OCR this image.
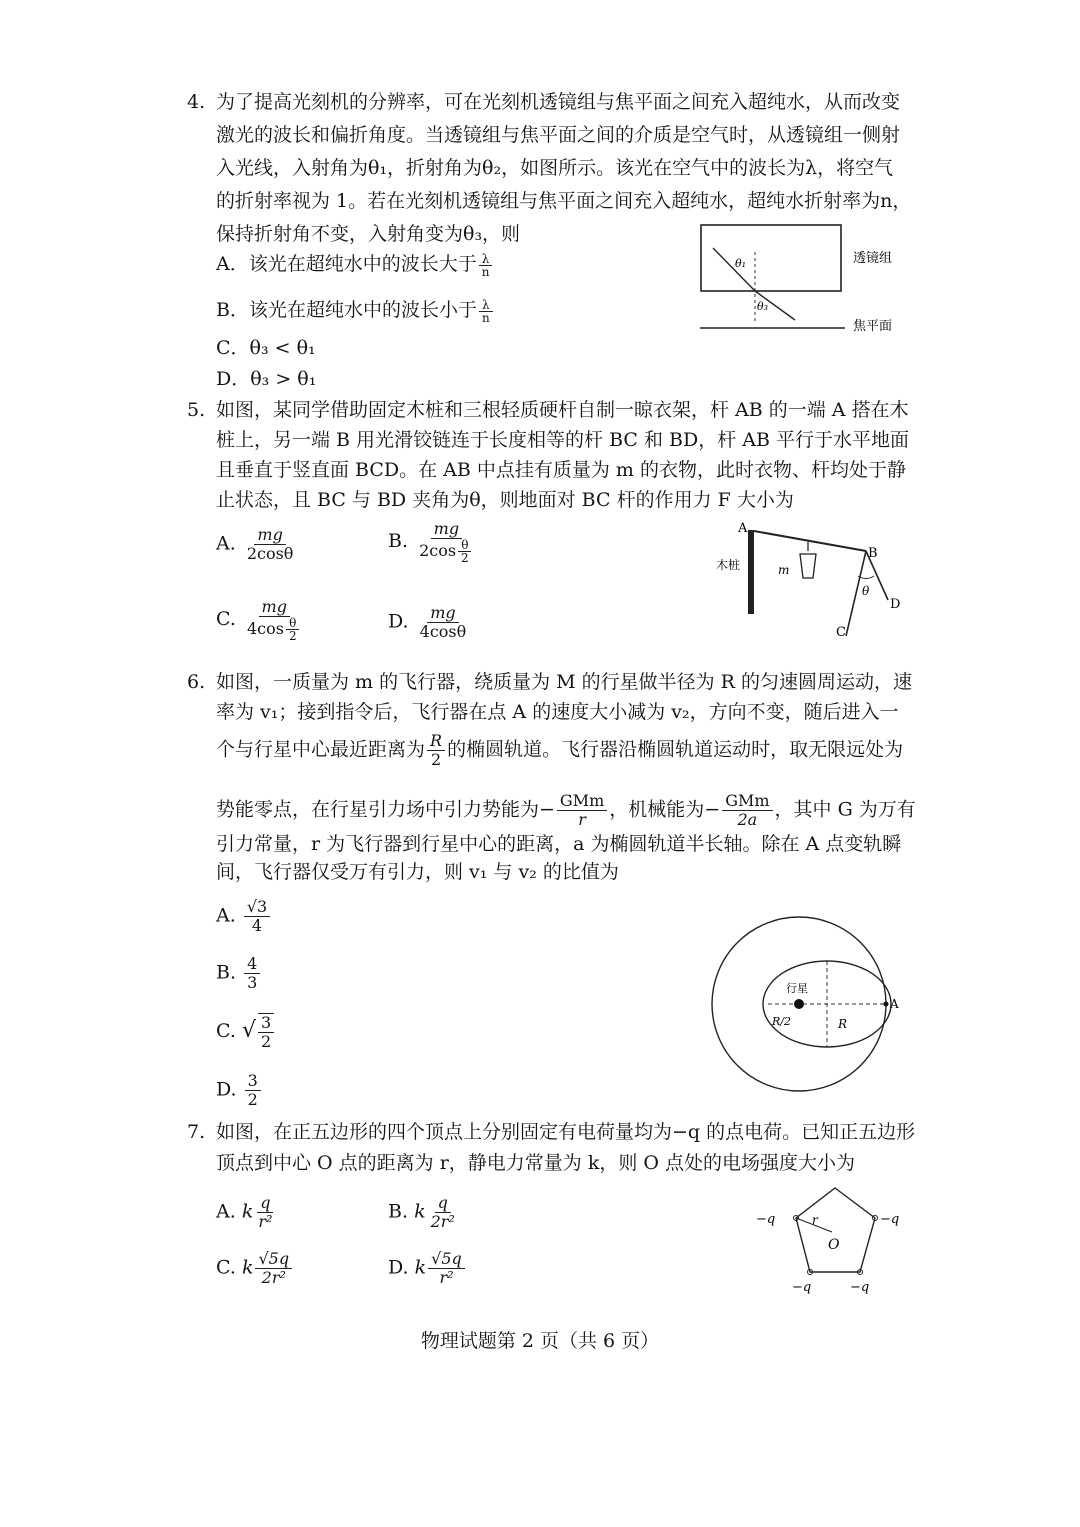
4. 为了提高光刻机的分辨率，可在光刻机透镜组与焦平面之间充入超纯水，从而改变
激光的波长和偏折角度。当透镜组与焦平面之间的介质是空气时，从透镜组一侧射
入光线，入射角为θ₁，折射角为θ₂，如图所示。该光在空气中的波长为λ，将空气
的折射率视为 1。若在光刻机透镜组与焦平面之间充入超纯水，超纯水折射率为n，
保持折射角不变，入射角变为θ₃，则
A．该光在超纯水中的波长大于 $\frac{\lambda}{n}$
B．该光在超纯水中的波长小于 $\frac{\lambda}{n}$
C．θ₃ < θ₁
D．θ₃ > θ₁
θ₁
θ₃
透镜组
焦平面
5. 如图，某同学借助固定木桩和三根轻质硬杆自制一晾衣架，杆 AB 的一端 A 搭在木
桩上，另一端 B 用光滑铰链连于长度相等的杆 BC 和 BD，杆 AB 平行于水平地面
且垂直于竖直面 BCD。在 AB 中点挂有质量为 m 的衣物，此时衣物、杆均处于静
止状态，且 BC 与 BD 夹角为θ，则地面对 BC 杆的作用力 F 大小为
A. $\frac{mg}{2\cos\theta}$	B. $\frac{mg}{2\cos \frac{\theta}{2}}$
C. $\frac{mg}{4\cos \frac{\theta}{2}}$	D. $\frac{mg}{4\cos\theta}$
A
B
C
D
木桩	m
θ
6. 如图，一质量为 m 的飞行器，绕质量为 M 的行星做半径为 R 的匀速圆周运动，速
率为 v₁；接到指令后，飞行器在点 A 的速度大小减为 v₂，方向不变，随后进入一
个与行星中心最近距离为 $\frac{R}{2}$ 的椭圆轨道。飞行器沿椭圆轨道运动时，取无限远处为
势能零点，在行星引力场中引力势能为− $\frac{\text{GMm}}{r}$ ，机械能为− $\frac{\text{GMm}}{2a}$ ，其中 G 为万有
引力常量，r 为飞行器到行星中心的距离，a 为椭圆轨道半长轴。除在 A 点变轨瞬
间，飞行器仅受万有引力，则 v₁ 与 v₂ 的比值为
A. $\frac{√3}{4}$
B. $\frac{4}{3}$
C. √ $\frac{3}{2}$
D. $\frac{3}{2}$
行星
A
R/2	R
7. 如图，在正五边形的四个顶点上分别固定有电荷量均为−q 的点电荷。已知正五边形
顶点到中心 O 点的距离为 r，静电力常量为 k，则 O 点处的电场强度大小为
A. k $\frac{q}{\text{r²}}$	B. k $\frac{q}{\text{2r²}}$
C. k $\frac{√5q}{\text{2r²}}$	D. k $\frac{√5q}{\text{r²}}$
−q	−q
−q
−q
r
O
物理试题第 2 页（共 6 页）
